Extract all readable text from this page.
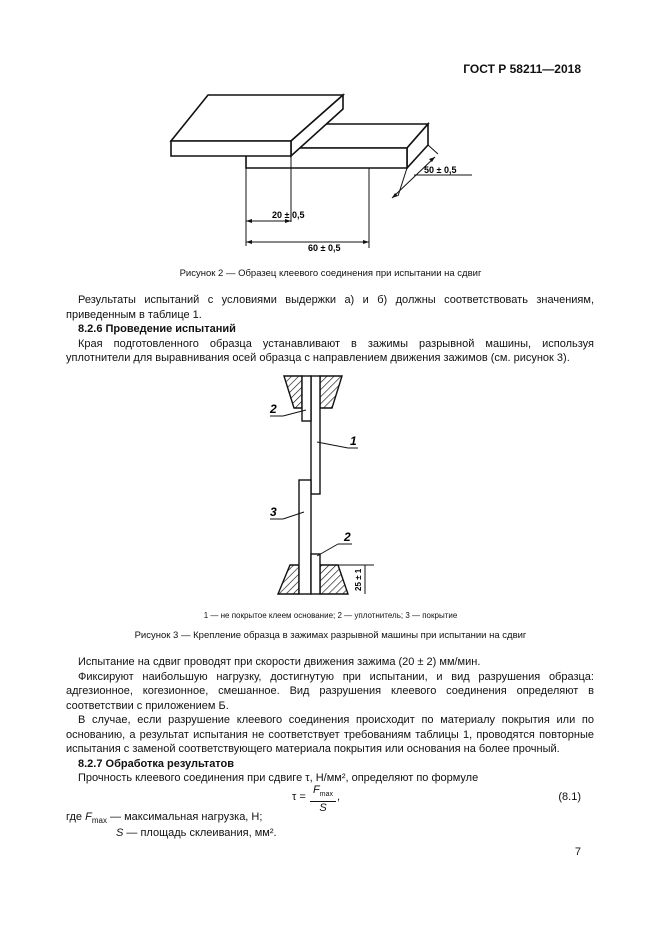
ГОСТ Р 58211—2018
50 ± 0,5
20 ± 0,5
60 ± 0,5
Рисунок 2 — Образец клеевого соединения при испытании на сдвиг

Результаты испытаний с условиями выдержки а) и б) должны соответствовать значениям, приведенным в таблице 1.

8.2.6 Проведение испытаний

Края подготовленного образца устанавливают в зажимы разрывной машины, используя уплотнители для выравнивания осей образца с направлением движения зажимов (см. рисунок 3).

2
1
3
2
25 ± 1
1 — не покрытое клеем основание; 2 — уплотнитель; 3 — покрытие
Рисунок 3 — Крепление образца в зажимах разрывной машины при испытании на сдвиг

Испытание на сдвиг проводят при скорости движения зажима (20 ± 2) мм/мин.

Фиксируют наибольшую нагрузку, достигнутую при испытании, и вид разрушения образца: адгезионное, когезионное, смешанное. Вид разрушения клеевого соединения определяют в соответствии с приложением Б.

В случае, если разрушение клеевого соединения происходит по материалу покрытия или по основанию, а результат испытания не соответствует требованиям таблицы 1, проводятся повторные испытания с заменой соответствующего материала покрытия или основания на более прочный.

8.2.7 Обработка результатов

Прочность клеевого соединения при сдвиге τ, Н/мм², определяют по формуле

τ =
$F_{max}$
S
,	(8.1)
где $F_{max}$ — максимальная нагрузка, Н;
S — площадь склеивания, мм².
7
